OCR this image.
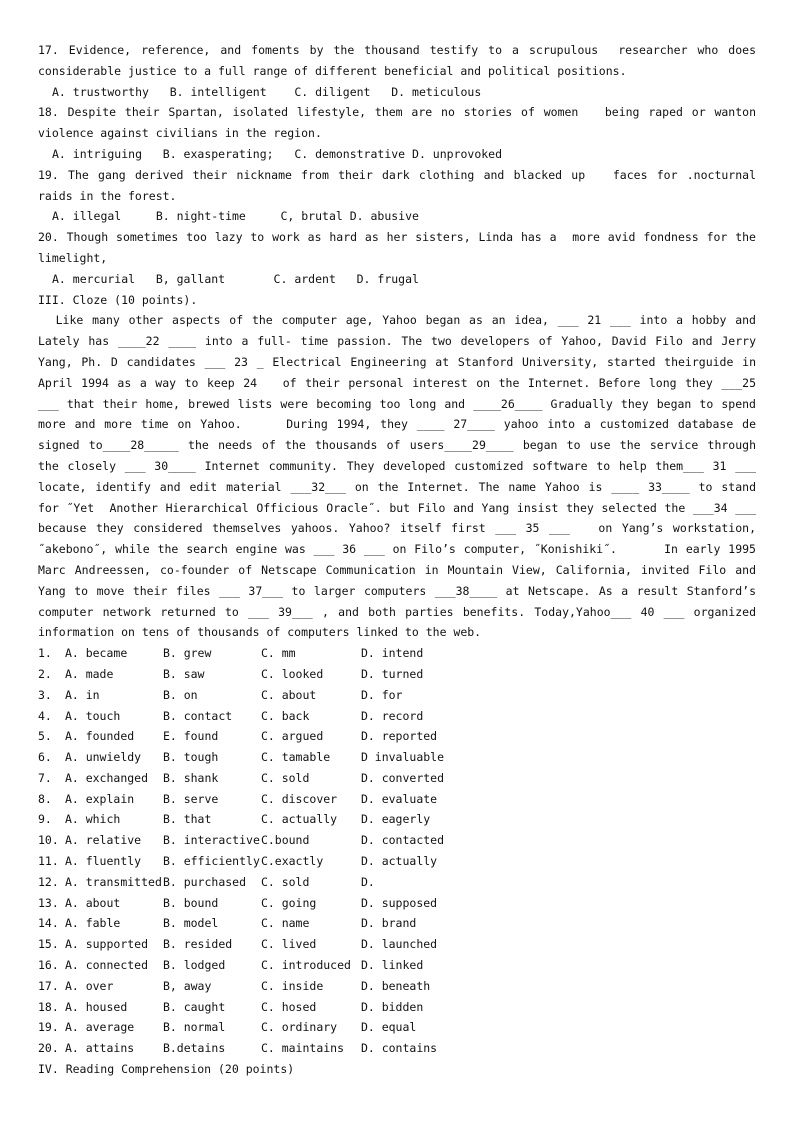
17. Evidence, reference, and foments by the thousand testify to a scrupulous  researcher who does

considerable justice to a full range of different beneficial and political positions.

A. trustworthy   B. intelligent    C. diligent   D. meticulous

18. Despite their Spartan, isolated lifestyle, them are no stories of women   being raped or wanton

violence against civilians in the region.

A. intriguing   B. exasperating;   C. demonstrative D. unprovoked

19. The gang derived their nickname from their dark clothing and blacked up   faces for .nocturnal

raids in the forest.

A. illegal     B. night-time     C, brutal D. abusive

20. Though sometimes too lazy to work as hard as her sisters, Linda has a  more avid fondness for the

limelight,

A. mercurial   B, gallant       C. ardent   D. frugal

III. Cloze (10 points).

Like many other aspects of the computer age, Yahoo began as an idea, ___ 21 ___ into a hobby and

Lately has ____22 ____ into a full- time passion. The two developers of Yahoo, David Filo and Jerry

Yang, Ph. D candidates ___ 23 _ Electrical Engineering at Stanford University, started theirguide in

April 1994 as a way to keep 24   of their personal interest on the Internet. Before long they ___25

___ that their home, brewed lists were becoming too long and ____26____ Gradually they began to spend

more and more time on Yahoo.     During 1994, they ____ 27____ yahoo into a customized database de

signed to____28_____ the needs of the thousands of users____29____ began to use the service through

the closely ___ 30____ Internet community. They developed customized software to help them___ 31 ___

locate, identify and edit material ___32___ on the Internet. The name Yahoo is ____ 33____ to stand

for ˝Yet  Another Hierarchical Officious Oracle˝. but Filo and Yang insist they selected the ___34 ___

because they considered themselves yahoos. Yahoo? itself first ___ 35 ___   on Yang’s workstation,

˝akebono˝, while the search engine was ___ 36 ___ on Filo’s computer, ˝Konishiki˝.      In early 1995

Marc Andreessen, co-founder of Netscape Communication in Mountain View, California, invited Filo and

Yang to move their files ___ 37___ to larger computers ___38____ at Netscape. As a result Stanford’s

computer network returned to ___ 39___ , and both parties benefits. Today,Yahoo___ 40 ___ organized

information on tens of thousands of computers linked to the web.

1. A. became	B. grew	C. mm	D. intend

2. A. made	B. saw	C. looked	D. turned

3. A. in	B. on	C. about	D. for

4. A. touch	B. contact	C. back	D. record

5. A. founded	E. found	C. argued	D. reported

6. A. unwieldy B. tough	C. tamable	D invaluable

7. A. exchanged B. shank	C. sold	D. converted

8. A. explain	B. serve	C. discover D. evaluate

9. A. which	B. that	C. actually D. eagerly

10. A. relative B. interactiveC.bound	D. contacted

11. A. fluently B. efficientlyC.exactly	D. actually

12. A. transmittedB. purchased C. sold	D.

13. A. about	B. bound	C. going	D. supposed

14. A. fable	B. model	C. name	D. brand

15. A. supported B. resided	C. lived	D. launched

16. A. connected B. lodged	C. introduced D. linked

17. A. over	B, away	C. inside	D. beneath

18. A. housed	B. caught	C. hosed	D. bidden

19. A. average	B. normal	C. ordinary D. equal

20. A. attains	B.detains	C. maintains D. contains

IV. Reading Comprehension (20 points)
